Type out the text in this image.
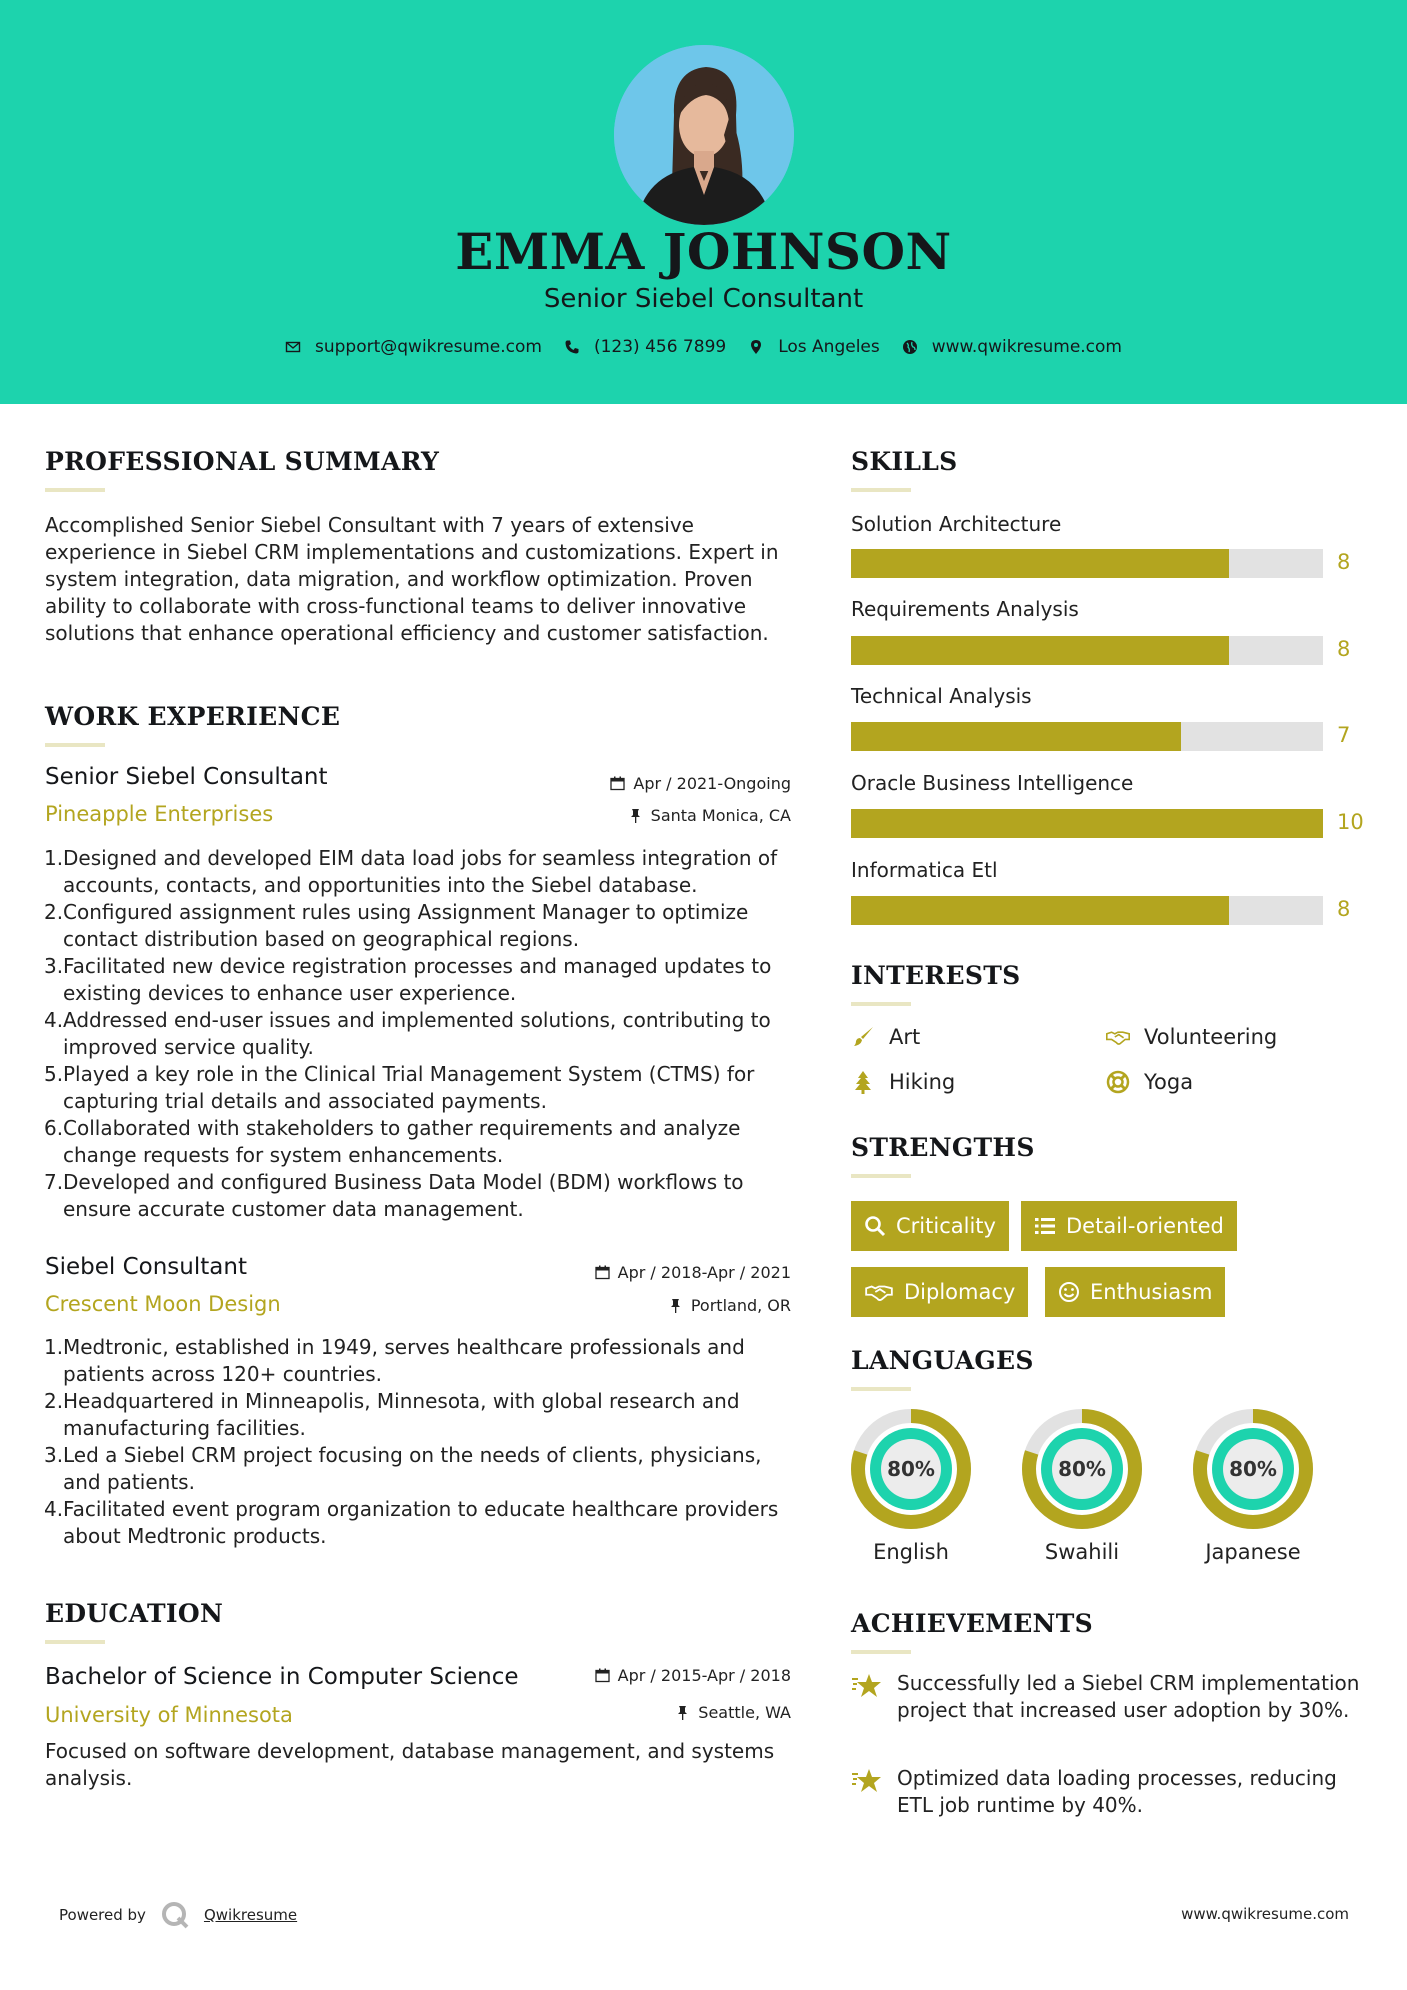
EMMA JOHNSON
Senior Siebel Consultant
support@qwikresume.com	(123) 456 7899	Los Angeles	www.qwikresume.com
PROFESSIONAL SUMMARY
Accomplished Senior Siebel Consultant with 7 years of extensive experience in Siebel CRM implementations and customizations. Expert in system integration, data migration, and workflow optimization. Proven ability to collaborate with cross-functional teams to deliver innovative solutions that enhance operational efficiency and customer satisfaction.
WORK EXPERIENCE
Senior Siebel Consultant
Pineapple Enterprises
Apr / 2021-Ongoing
Santa Monica, CA
1. Designed and developed EIM data load jobs for seamless integration of accounts, contacts, and opportunities into the Siebel database.
2. Configured assignment rules using Assignment Manager to optimize contact distribution based on geographical regions.
3. Facilitated new device registration processes and managed updates to existing devices to enhance user experience.
4. Addressed end-user issues and implemented solutions, contributing to improved service quality.
5. Played a key role in the Clinical Trial Management System (CTMS) for capturing trial details and associated payments.
6. Collaborated with stakeholders to gather requirements and analyze change requests for system enhancements.
7. Developed and configured Business Data Model (BDM) workflows to ensure accurate customer data management.
Siebel Consultant
Crescent Moon Design
Apr / 2018-Apr / 2021
Portland, OR
1. Medtronic, established in 1949, serves healthcare professionals and patients across 120+ countries.
2. Headquartered in Minneapolis, Minnesota, with global research and manufacturing facilities.
3. Led a Siebel CRM project focusing on the needs of clients, physicians, and patients.
4. Facilitated event program organization to educate healthcare providers about Medtronic products.
EDUCATION
Bachelor of Science in Computer Science
University of Minnesota
Apr / 2015-Apr / 2018
Seattle, WA
Focused on software development, database management, and systems analysis.
SKILLS
Solution Architecture
8
Requirements Analysis
8
Technical Analysis
7
Oracle Business Intelligence
10
Informatica Etl
8
INTERESTS
Art	Volunteering
Hiking	Yoga
STRENGTHS
Criticality	Detail-oriented
Diplomacy	Enthusiasm
LANGUAGES
80%
English
80%
Swahili
80%
Japanese
ACHIEVEMENTS
Successfully led a Siebel CRM implementation project that increased user adoption by 30%.
Optimized data loading processes, reducing ETL job runtime by 40%.
Powered by	Qwikresume	www.qwikresume.com
